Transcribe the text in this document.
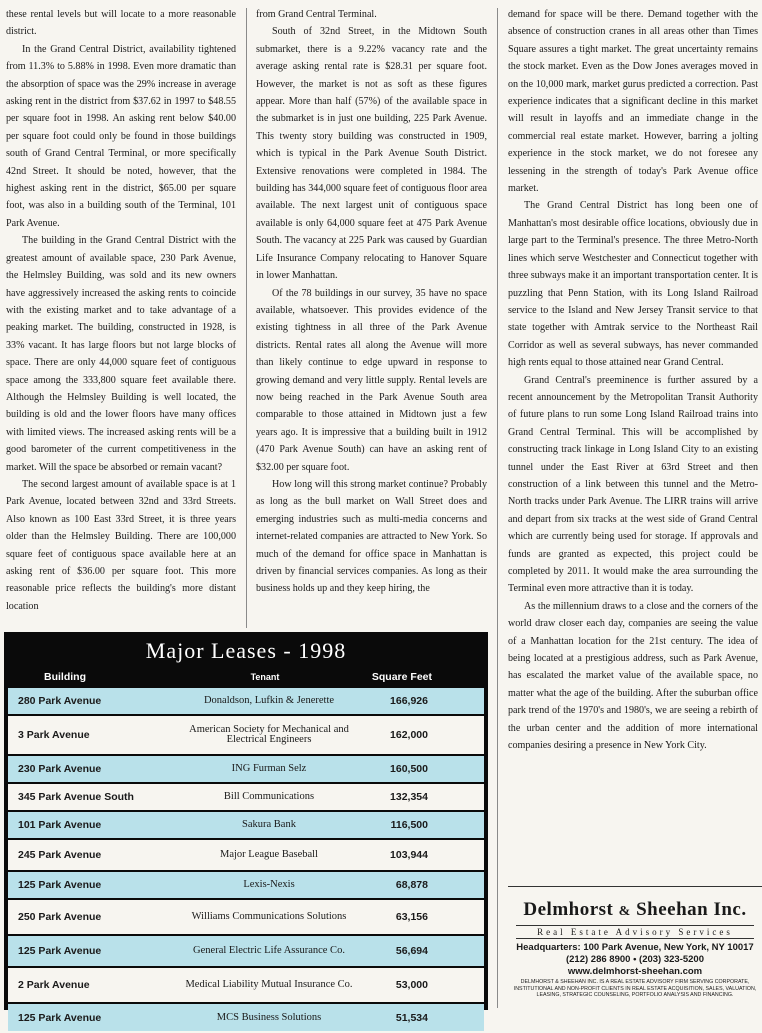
these rental levels but will locate to a more reasonable district.

In the Grand Central District, availability tightened from 11.3% to 5.88% in 1998. Even more dramatic than the absorption of space was the 29% increase in average asking rent in the district from $37.62 in 1997 to $48.55 per square foot in 1998. An asking rent below $40.00 per square foot could only be found in those buildings south of Grand Central Terminal, or more specifically 42nd Street. It should be noted, however, that the highest asking rent in the district, $65.00 per square foot, was also in a building south of the Terminal, 101 Park Avenue.

The building in the Grand Central District with the greatest amount of available space, 230 Park Avenue, the Helmsley Building, was sold and its new owners have aggressively increased the asking rents to coincide with the existing market and to take advantage of a peaking market. The building, constructed in 1928, is 33% vacant. It has large floors but not large blocks of space. There are only 44,000 square feet of contiguous space among the 333,800 square feet available there. Although the Helmsley Building is well located, the building is old and the lower floors have many offices with limited views. The increased asking rents will be a good barometer of the current competitiveness in the market. Will the space be absorbed or remain vacant?

The second largest amount of available space is at 1 Park Avenue, located between 32nd and 33rd Streets. Also known as 100 East 33rd Street, it is three years older than the Helmsley Building. There are 100,000 square feet of contiguous space available here at an asking rent of $36.00 per square foot. This more reasonable price reflects the building's more distant location

from Grand Central Terminal.

South of 32nd Street, in the Midtown South submarket, there is a 9.22% vacancy rate and the average asking rental rate is $28.31 per square foot. However, the market is not as soft as these figures appear. More than half (57%) of the available space in the submarket is in just one building, 225 Park Avenue. This twenty story building was constructed in 1909, which is typical in the Park Avenue South District. Extensive renovations were completed in 1984. The building has 344,000 square feet of contiguous floor area available. The next largest unit of contiguous space available is only 64,000 square feet at 475 Park Avenue South. The vacancy at 225 Park was caused by Guardian Life Insurance Company relocating to Hanover Square in lower Manhattan.

Of the 78 buildings in our survey, 35 have no space available, whatsoever. This provides evidence of the existing tightness in all three of the Park Avenue districts. Rental rates all along the Avenue will more than likely continue to edge upward in response to growing demand and very little supply. Rental levels are now being reached in the Park Avenue South area comparable to those attained in Midtown just a few years ago. It is impressive that a building built in 1912 (470 Park Avenue South) can have an asking rent of $32.00 per square foot.

How long will this strong market continue? Probably as long as the bull market on Wall Street does and emerging industries such as multi-media concerns and internet-related companies are attracted to New York. So much of the demand for office space in Manhattan is driven by financial services companies. As long as their business holds up and they keep hiring, the

demand for space will be there. Demand together with the absence of construction cranes in all areas other than Times Square assures a tight market. The great uncertainty remains the stock market. Even as the Dow Jones averages moved in on the 10,000 mark, market gurus predicted a correction. Past experience indicates that a significant decline in this market will result in layoffs and an immediate change in the commercial real estate market. However, barring a jolting experience in the stock market, we do not foresee any lessening in the strength of today's Park Avenue office market.

The Grand Central District has long been one of Manhattan's most desirable office locations, obviously due in large part to the Terminal's presence. The three Metro-North lines which serve Westchester and Connecticut together with three subways make it an important transportation center. It is puzzling that Penn Station, with its Long Island Railroad service to the Island and New Jersey Transit service to that state together with Amtrak service to the Northeast Rail Corridor as well as several subways, has never commanded high rents equal to those attained near Grand Central.

Grand Central's preeminence is further assured by a recent announcement by the Metropolitan Transit Authority of future plans to run some Long Island Railroad trains into Grand Central Terminal. This will be accomplished by constructing track linkage in Long Island City to an existing tunnel under the East River at 63rd Street and then construction of a link between this tunnel and the Metro-North tracks under Park Avenue. The LIRR trains will arrive and depart from six tracks at the west side of Grand Central which are currently being used for storage. If approvals and funds are granted as expected, this project could be completed by 2011. It would make the area surrounding the Terminal even more attractive than it is today.

As the millennium draws to a close and the corners of the world draw closer each day, companies are seeing the value of a Manhattan location for the 21st century. The idea of being located at a prestigious address, such as Park Avenue, has escalated the market value of the available space, no matter what the age of the building. After the suburban office park trend of the 1970's and 1980's, we are seeing a rebirth of the urban center and the addition of more international companies desiring a presence in New York City.

Major Leases - 1998
Building	Tenant	Square Feet
280 Park Avenue	Donaldson, Lufkin & Jenerette	166,926
3 Park Avenue	American Society for Mechanical and Electrical Engineers	162,000
230 Park Avenue	ING Furman Selz	160,500
345 Park Avenue South	Bill Communications	132,354
101 Park Avenue	Sakura Bank	116,500
245 Park Avenue	Major League Baseball	103,944
125 Park Avenue	Lexis-Nexis	68,878
250 Park Avenue	Williams Communications Solutions	63,156
125 Park Avenue	General Electric Life Assurance Co.	56,694
2 Park Avenue	Medical Liability Mutual Insurance Co.	53,000
125 Park Avenue	MCS Business Solutions	51,534
Delmhorst & Sheehan Inc.
Real Estate Advisory Services
Headquarters: 100 Park Avenue, New York, NY 10017
(212) 286 8900 • (203) 323-5200
www.delmhorst-sheehan.com
DELMHORST & SHEEHAN INC. IS A REAL ESTATE ADVISORY FIRM SERVING CORPORATE, INSTITUTIONAL AND NON-PROFIT CLIENTS IN REAL ESTATE ACQUISITION, SALES, VALUATION, LEASING, STRATEGIC COUNSELING, PORTFOLIO ANALYSIS AND FINANCING.
